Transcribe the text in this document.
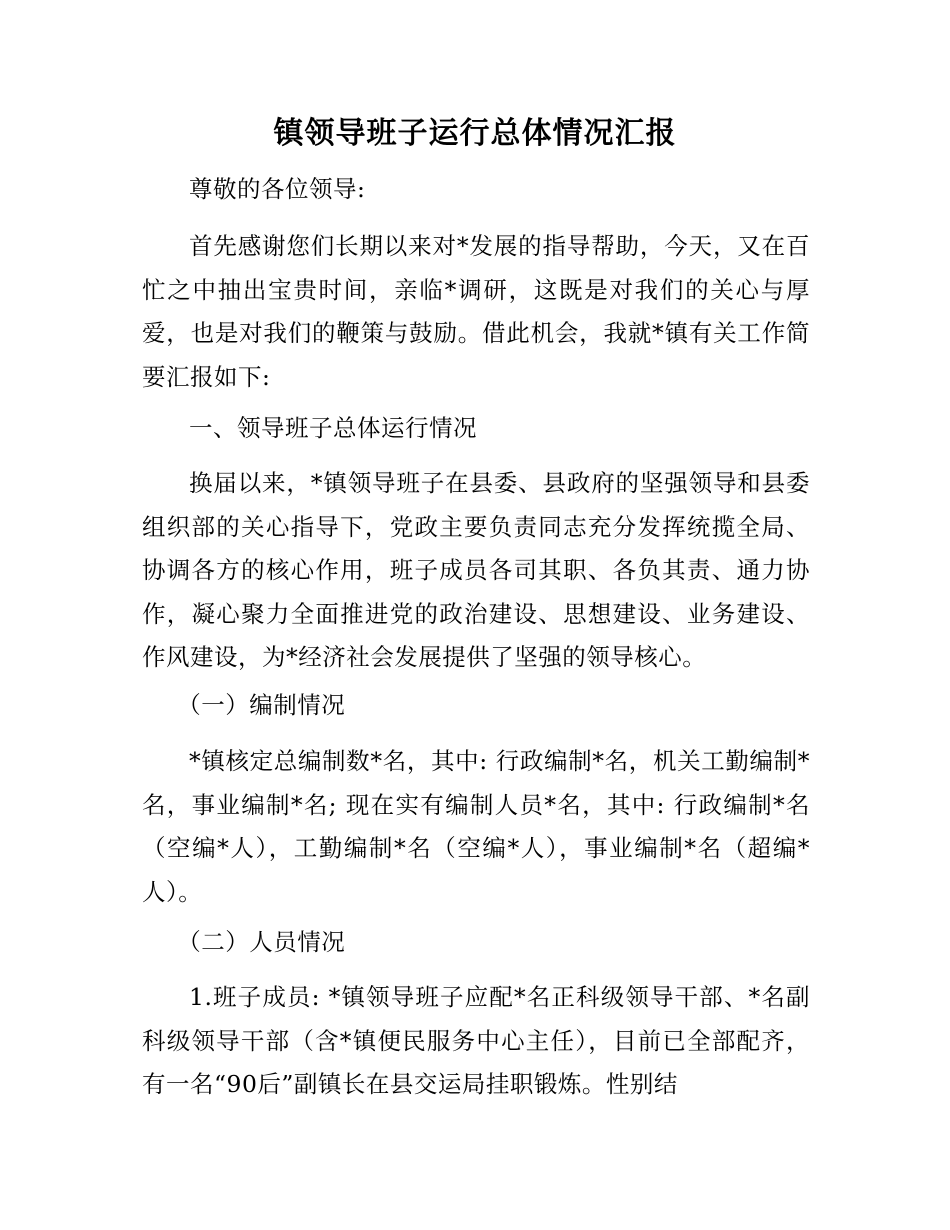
镇领导班子运行总体情况汇报

尊敬的各位领导:

首先感谢您们长期以来对*发展的指导帮助，今天，又在百忙之中抽出宝贵时间，亲临*调研，这既是对我们的关心与厚爱，也是对我们的鞭策与鼓励。借此机会，我就*镇有关工作简要汇报如下:

一、领导班子总体运行情况

换届以来，*镇领导班子在县委、县政府的坚强领导和县委组织部的关心指导下，党政主要负责同志充分发挥统揽全局、协调各方的核心作用，班子成员各司其职、各负其责、通力协作，凝心聚力全面推进党的政治建设、思想建设、业务建设、作风建设，为*经济社会发展提供了坚强的领导核心。

（一）编制情况

*镇核定总编制数*名，其中: 行政编制*名，机关工勤编制*名，事业编制*名; 现在实有编制人员*名，其中: 行政编制*名（空编*人），工勤编制*名（空编*人），事业编制*名（超编*人）。

（二）人员情况

1.班子成员: *镇领导班子应配*名正科级领导干部、*名副科级领导干部（含*镇便民服务中心主任），目前已全部配齐，有一名“90后”副镇长在县交运局挂职锻炼。性别结
